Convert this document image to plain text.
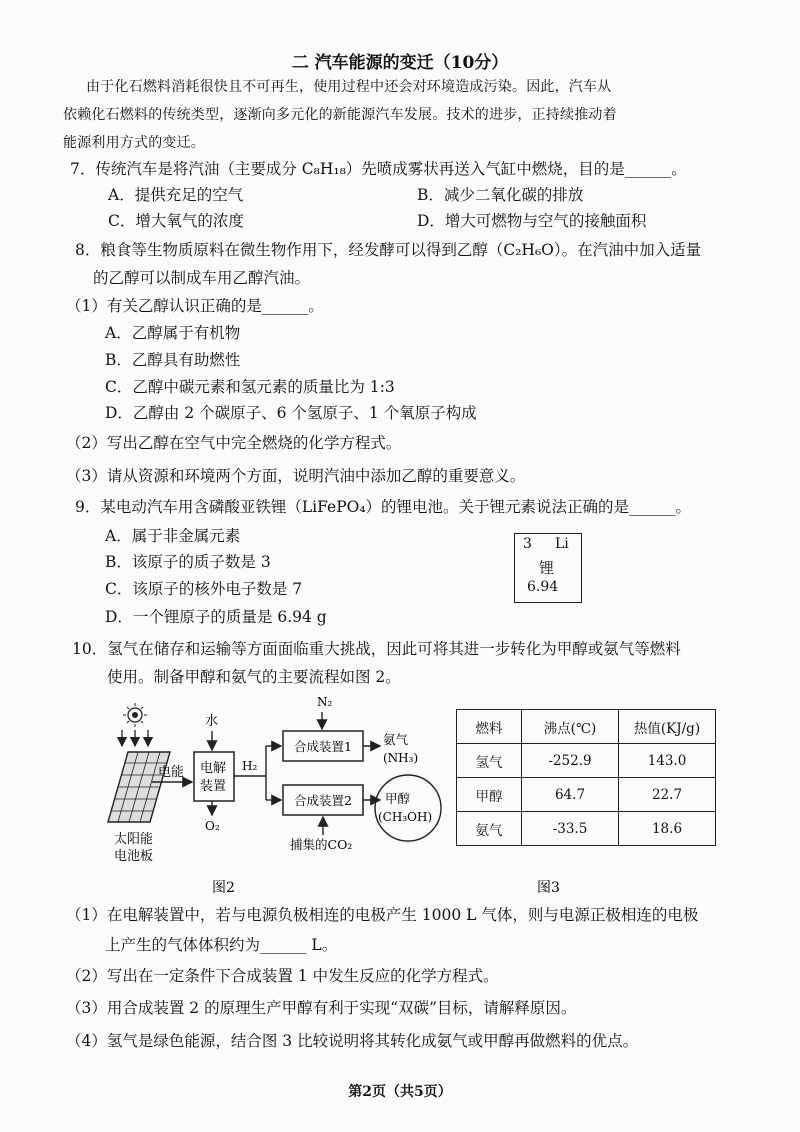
二 汽车能源的变迁（10分）
由于化石燃料消耗很快且不可再生，使用过程中还会对环境造成污染。因此，汽车从
依赖化石燃料的传统类型，逐渐向多元化的新能源汽车发展。技术的进步，正持续推动着
能源利用方式的变迁。
7．传统汽车是将汽油（主要成分 C₈H₁₈）先喷成雾状再送入气缸中燃烧，目的是______。
A．提供充足的空气	B．减少二氧化碳的排放
C．增大氧气的浓度	D．增大可燃物与空气的接触面积
8．粮食等生物质原料在微生物作用下，经发酵可以得到乙醇（C₂H₆O）。在汽油中加入适量
的乙醇可以制成车用乙醇汽油。
（1）有关乙醇认识正确的是______。
A．乙醇属于有机物
B．乙醇具有助燃性
C．乙醇中碳元素和氢元素的质量比为 1:3
D．乙醇由 2 个碳原子、6 个氢原子、1 个氧原子构成
（2）写出乙醇在空气中完全燃烧的化学方程式。
（3）请从资源和环境两个方面，说明汽油中添加乙醇的重要意义。
9．某电动汽车用含磷酸亚铁锂（LiFePO₄）的锂电池。关于锂元素说法正确的是______。
A．属于非金属元素
B．该原子的质子数是 3
C．该原子的核外电子数是 7
D．一个锂原子的质量是 6.94 g
3 Li
锂
6.94
10．氢气在储存和运输等方面面临重大挑战，因此可将其进一步转化为甲醇或氨气等燃料
使用。制备甲醇和氨气的主要流程如图 2。
太阳能
电池板
电能
水
电解
装置
O₂
H₂
N₂
合成装置1 氨气
(NH₃)
合成装置2	甲醇
(CH₃OH)
捕集的CO₂
图2	图3
燃料	沸点(℃)	热值(KJ/g)
氢气	-252.9	143.0
甲醇	64.7	22.7
氨气	-33.5	18.6
（1）在电解装置中，若与电源负极相连的电极产生 1000 L 气体，则与电源正极相连的电极
上产生的气体体积约为______ L。
（2）写出在一定条件下合成装置 1 中发生反应的化学方程式。
（3）用合成装置 2 的原理生产甲醇有利于实现“双碳”目标，请解释原因。
（4）氢气是绿色能源，结合图 3 比较说明将其转化成氨气或甲醇再做燃料的优点。
第2页（共5页）
